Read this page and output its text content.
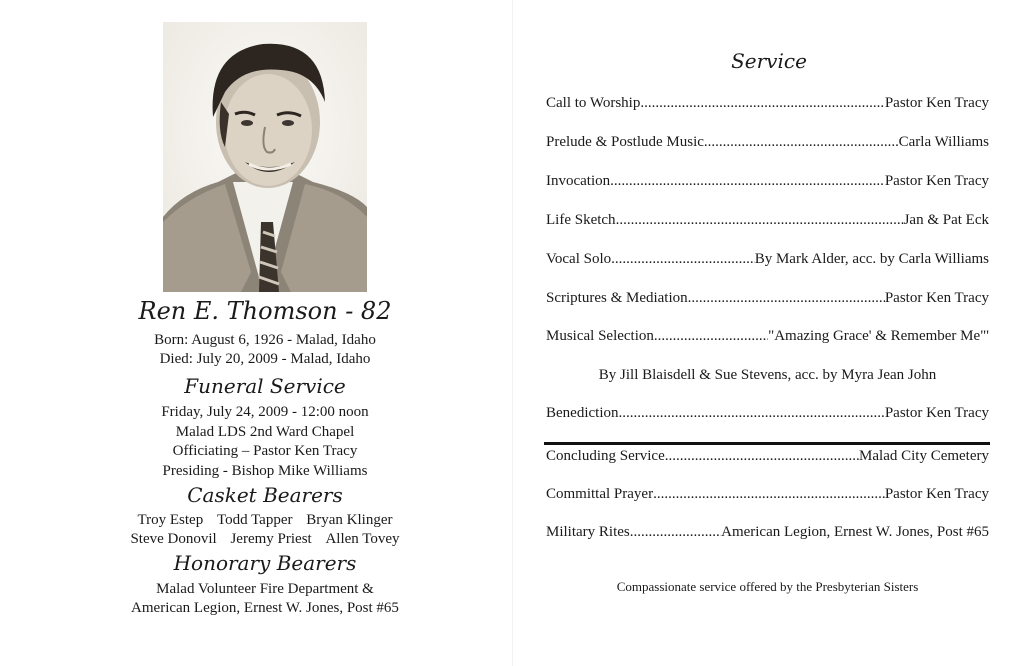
Ren E. Thomson - 82
Born: August 6, 1926 - Malad, Idaho
Died: July 20, 2009 - Malad, Idaho
Funeral Service
Friday, July 24, 2009 - 12:00 noon
Malad LDS 2nd Ward Chapel
Officiating – Pastor Ken Tracy
Presiding - Bishop Mike Williams
Casket Bearers
Troy Estep Todd Tapper Bryan Klinger
Steve Donovil Jeremy Priest Allen Tovey
Honorary Bearers
Malad Volunteer Fire Department &
American Legion, Ernest W. Jones, Post #65
Service
Call to Worship .....	Pastor Ken Tracy
Prelude & Postlude Music .....	Carla Williams
Invocation .....	Pastor Ken Tracy
Life Sketch .....	Jan & Pat Eck
Vocal Solo .....	By Mark Alder, acc. by Carla Williams
Scriptures & Mediation .....	Pastor Ken Tracy
Musical Selection .....	"Amazing Grace' & Remember Me"'
By Jill Blaisdell & Sue Stevens, acc. by Myra Jean John
Benediction .....	Pastor Ken Tracy
Concluding Service .....	Malad City Cemetery
Committal Prayer .....	Pastor Ken Tracy
Military Rites .....	American Legion, Ernest W. Jones, Post #65
Compassionate service offered by the Presbyterian Sisters
